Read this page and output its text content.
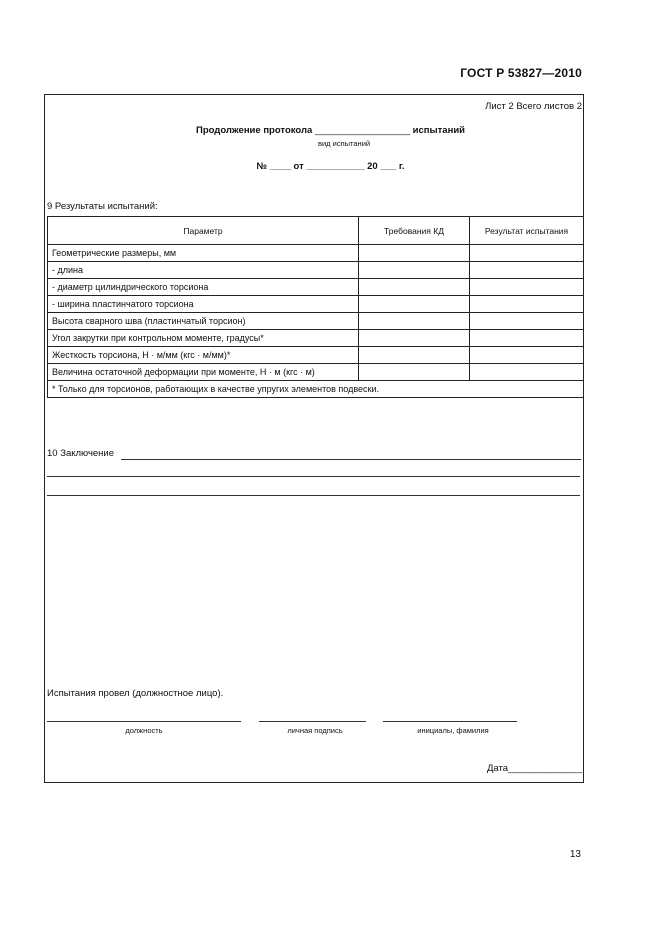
ГОСТ Р 53827—2010
Лист 2 Всего листов 2
Продолжение протокола __________________ испытаний
вид испытаний
№ ____ от ___________ 20 ___ г.
9 Результаты испытаний:
Параметр	Требования КД	Результат испытания
Геометрические размеры, мм		
- длина		
- диаметр цилиндрического торсиона		
- ширина пластинчатого торсиона		
Высота сварного шва (пластинчатый торсион)		
Угол закрутки при контрольном моменте, градусы*		
Жесткость торсиона, Н · м/мм (кгс · м/мм)*		
Величина остаточной деформации при моменте, Н · м (кгс · м)		
* Только для торсионов, работающих в качестве упругих элементов подвески.		
10 Заключение
Испытания провел (должностное лицо).
должность	личная подпись	инициалы, фамилия
Дата______________
13
